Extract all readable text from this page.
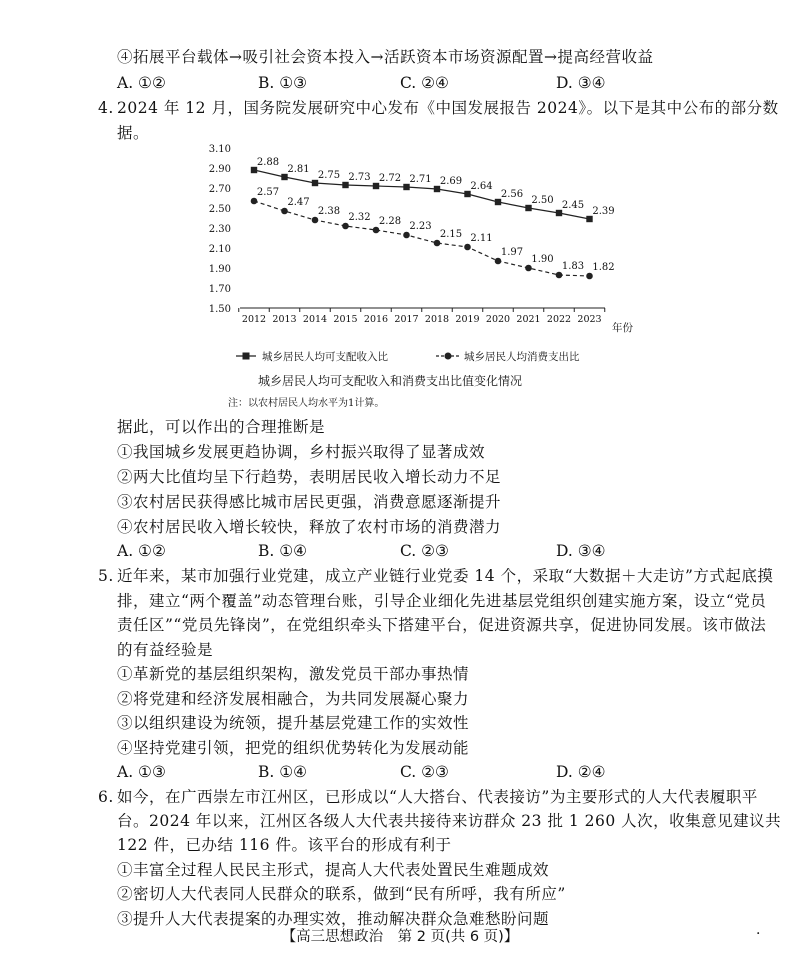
④拓展平台载体→吸引社会资本投入→活跃资本市场资源配置→提高经营收益
A. ①②	B. ①③	C. ②④	D. ③④
4. 2024 年 12 月，国务院发展研究中心发布《中国发展报告 2024》。以下是其中公布的部分数
据。
3.10
2.90
2.70
2.50
2.30
2.10
1.90
1.70
1.50
2012 2013 2014 2015 2016 2017 2018 2019 2020 2021 2022 2023
年份
2.88
2.81
2.75 2.73 2.72 2.71 2.69 2.64
2.56
2.50 2.45
2.39
2.57
2.47
2.38
2.32 2.28 2.23
2.15 2.11
1.97
1.90
1.83 1.82
城乡居民人均可支配收入比	城乡居民人均消费支出比
城乡居民人均可支配收入和消费支出比值变化情况
注：以农村居民人均水平为1计算。
据此，可以作出的合理推断是
①我国城乡发展更趋协调，乡村振兴取得了显著成效
②两大比值均呈下行趋势，表明居民收入增长动力不足
③农村居民获得感比城市居民更强，消费意愿逐渐提升
④农村居民收入增长较快，释放了农村市场的消费潜力
A. ①②	B. ①④	C. ②③	D. ③④
5. 近年来，某市加强行业党建，成立产业链行业党委 14 个，采取“大数据＋大走访”方式起底摸
排，建立“两个覆盖”动态管理台账，引导企业细化先进基层党组织创建实施方案，设立“党员
责任区”“党员先锋岗”，在党组织牵头下搭建平台，促进资源共享，促进协同发展。该市做法
的有益经验是
①革新党的基层组织架构，激发党员干部办事热情
②将党建和经济发展相融合，为共同发展凝心聚力
③以组织建设为统领，提升基层党建工作的实效性
④坚持党建引领，把党的组织优势转化为发展动能
A. ①③	B. ①④	C. ②③	D. ②④
6. 如今，在广西崇左市江州区，已形成以“人大搭台、代表接访”为主要形式的人大代表履职平
台。2024 年以来，江州区各级人大代表共接待来访群众 23 批 1 260 人次，收集意见建议共
122 件，已办结 116 件。该平台的形成有利于
①丰富全过程人民民主形式，提高人大代表处置民生难题成效
②密切人大代表同人民群众的联系，做到“民有所呼，我有所应”
③提升人大代表提案的办理实效，推动解决群众急难愁盼问题
【高三思想政治　第 2 页(共 6 页)】	·
